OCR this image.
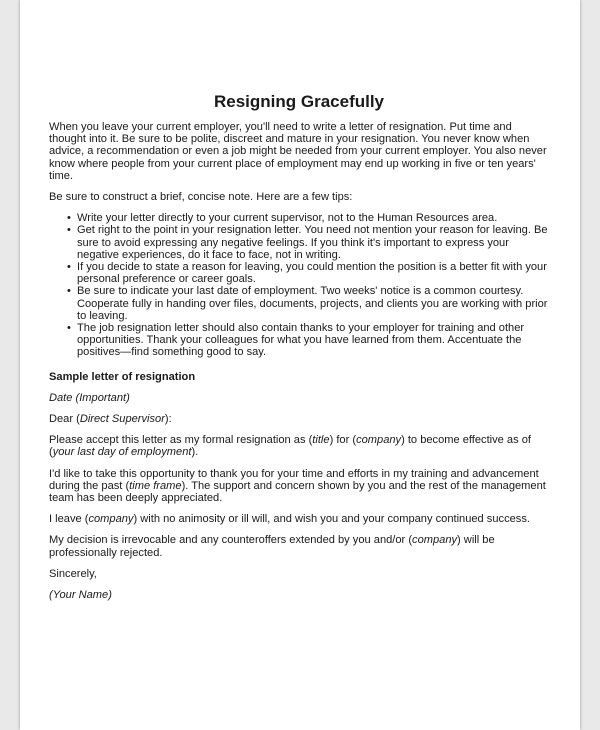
Resigning Gracefully

When you leave your current employer, you'll need to write a letter of resignation. Put time and thought into it. Be sure to be polite, discreet and mature in your resignation. You never know when advice, a recommendation or even a job might be needed from your current employer. You also never know where people from your current place of employment may end up working in five or ten years' time.

Be sure to construct a brief, concise note. Here are a few tips:

• Write your letter directly to your current supervisor, not to the Human Resources area.
• Get right to the point in your resignation letter. You need not mention your reason for leaving. Be sure to avoid expressing any negative feelings. If you think it's important to express your negative experiences, do it face to face, not in writing.
• If you decide to state a reason for leaving, you could mention the position is a better fit with your personal preference or career goals.
• Be sure to indicate your last date of employment. Two weeks' notice is a common courtesy. Cooperate fully in handing over files, documents, projects, and clients you are working with prior to leaving.
• The job resignation letter should also contain thanks to your employer for training and other opportunities. Thank your colleagues for what you have learned from them. Accentuate the positives—find something good to say.

Sample letter of resignation

Date (Important)

Dear (Direct Supervisor):

Please accept this letter as my formal resignation as (title) for (company) to become effective as of (your last day of employment).

I'd like to take this opportunity to thank you for your time and efforts in my training and advancement during the past (time frame). The support and concern shown by you and the rest of the management team has been deeply appreciated.

I leave (company) with no animosity or ill will, and wish you and your company continued success.

My decision is irrevocable and any counteroffers extended by you and/or (company) will be professionally rejected.

Sincerely,

(Your Name)
